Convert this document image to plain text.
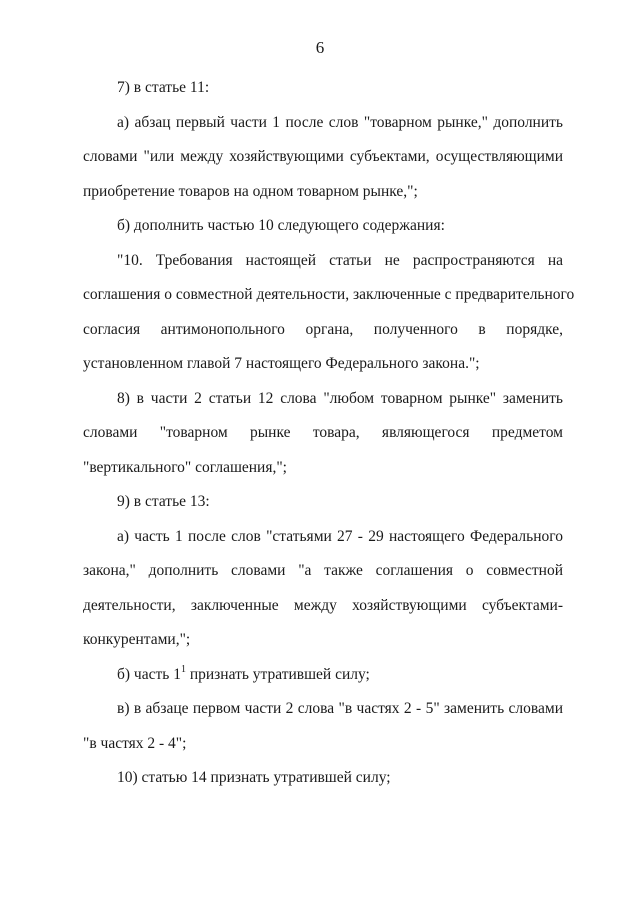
6
7) в статье 11:
а) абзац первый части 1 после слов "товарном рынке," дополнить
словами "или между хозяйствующими субъектами, осуществляющими
приобретение товаров на одном товарном рынке,";
б) дополнить частью 10 следующего содержания:
"10. Требования настоящей статьи не распространяются на
соглашения о совместной деятельности, заключенные с предварительного
согласия антимонопольного органа, полученного в порядке,
установленном главой 7 настоящего Федерального закона.";
8) в части 2 статьи 12 слова "любом товарном рынке" заменить
словами "товарном рынке товара, являющегося предметом
"вертикального" соглашения,";
9) в статье 13:
а) часть 1 после слов "статьями 27 - 29 настоящего Федерального
закона," дополнить словами "а также соглашения о совместной
деятельности, заключенные между хозяйствующими субъектами-
конкурентами,";
б) часть $1^1$ признать утратившей силу;
в) в абзаце первом части 2 слова "в частях 2 - 5" заменить словами
"в частях 2 - 4";
10) статью 14 признать утратившей силу;
